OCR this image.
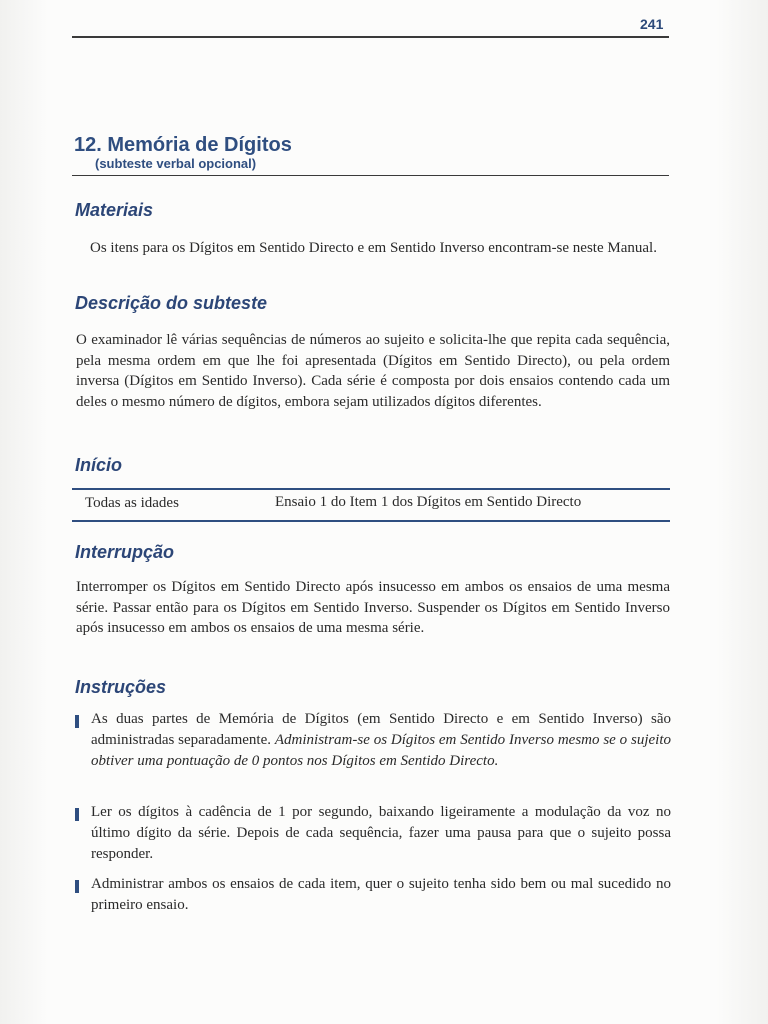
241
12. Memória de Dígitos
(subteste verbal opcional)
Materiais

Os itens para os Dígitos em Sentido Directo e em Sentido Inverso encontram-se neste Manual.

Descrição do subteste

O examinador lê várias sequências de números ao sujeito e solicita-lhe que repita cada sequência, pela mesma ordem em que lhe foi apresentada (Dígitos em Sentido Directo), ou pela ordem inversa (Dígitos em Sentido Inverso). Cada série é composta por dois ensaios contendo cada um deles o mesmo número de dígitos, embora sejam utilizados dígitos diferentes.

Início
Todas as idades	Ensaio 1 do Item 1 dos Dígitos em Sentido Directo
Interrupção

Interromper os Dígitos em Sentido Directo após insucesso em ambos os ensaios de uma mesma série. Passar então para os Dígitos em Sentido Inverso. Suspender os Dígitos em Sentido Inverso após insucesso em ambos os ensaios de uma mesma série.

Instruções

As duas partes de Memória de Dígitos (em Sentido Directo e em Sentido Inverso) são administradas separadamente. Administram-se os Dígitos em Sentido Inverso mesmo se o sujeito obtiver uma pontuação de 0 pontos nos Dígitos em Sentido Directo.

Ler os dígitos à cadência de 1 por segundo, baixando ligeiramente a modulação da voz no último dígito da série. Depois de cada sequência, fazer uma pausa para que o sujeito possa responder.

Administrar ambos os ensaios de cada item, quer o sujeito tenha sido bem ou mal sucedido no primeiro ensaio.
